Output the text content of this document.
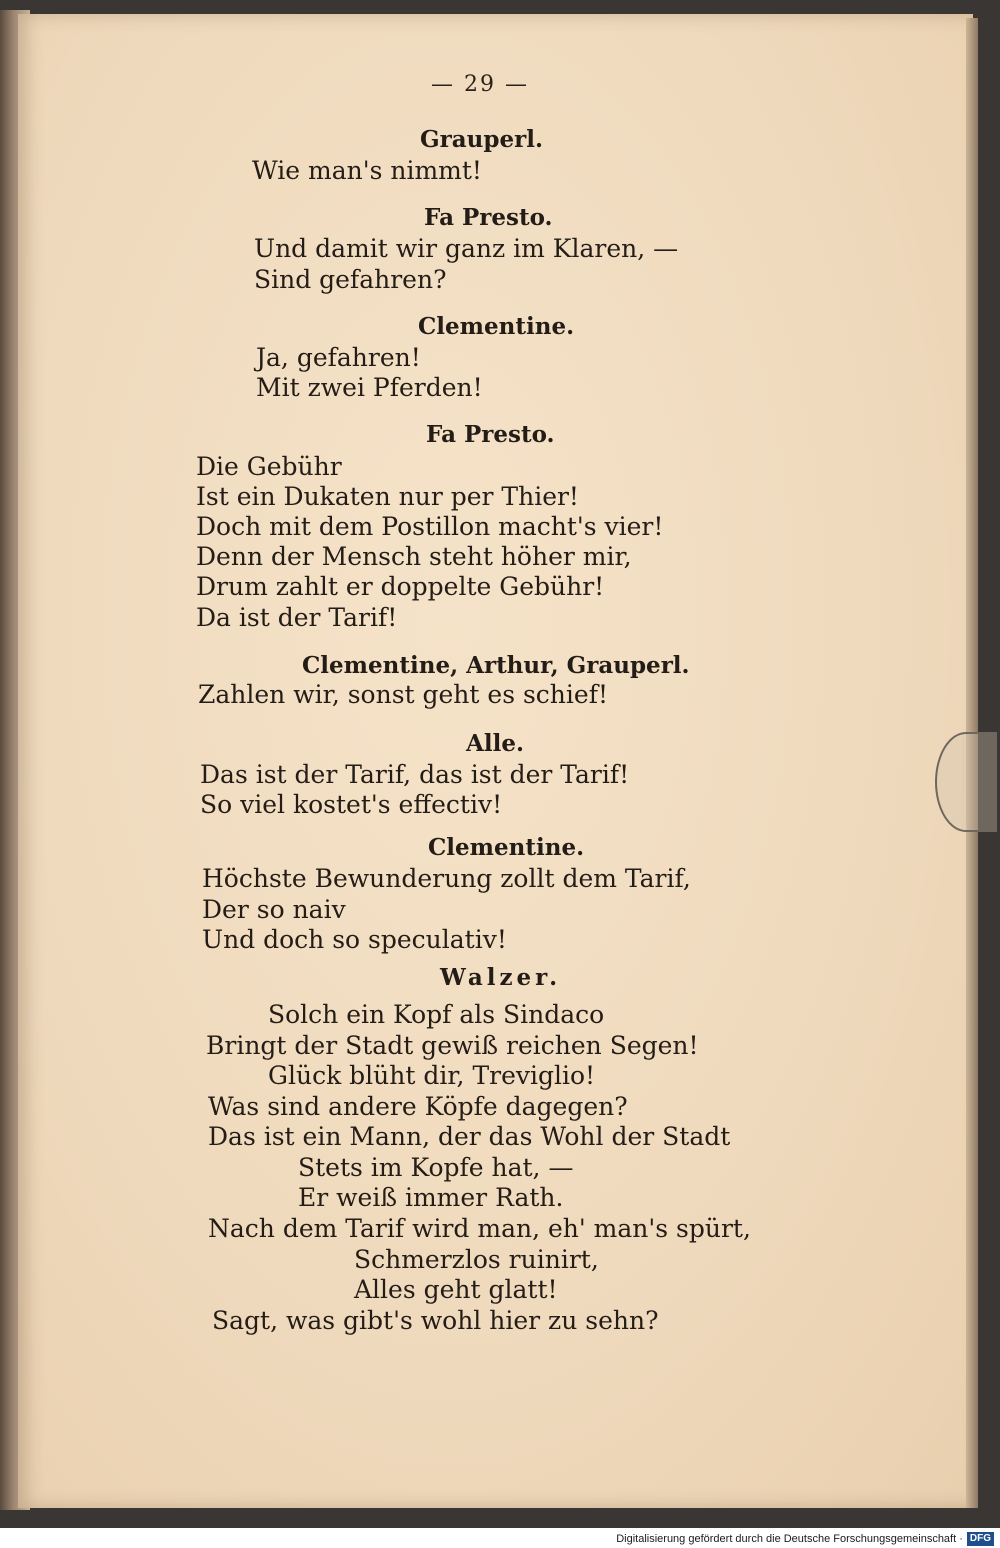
— 29 —
Grauperl.
Wie man's nimmt!
Fa Presto.
Und damit wir ganz im Klaren, —
Sind gefahren?
Clementine.
Ja, gefahren!
Mit zwei Pferden!
Fa Presto.
Die Gebühr
Ist ein Dukaten nur per Thier!
Doch mit dem Postillon macht's vier!
Denn der Mensch steht höher mir,
Drum zahlt er doppelte Gebühr!
Da ist der Tarif!
Clementine, Arthur, Grauperl.
Zahlen wir, sonst geht es schief!
Alle.
Das ist der Tarif, das ist der Tarif!
So viel kostet's effectiv!
Clementine.
Höchste Bewunderung zollt dem Tarif,
Der so naiv
Und doch so speculativ!
Walzer.
Solch ein Kopf als Sindaco
Bringt der Stadt gewiß reichen Segen!
Glück blüht dir, Treviglio!
Was sind andere Köpfe dagegen?
Das ist ein Mann, der das Wohl der Stadt
Stets im Kopfe hat, —
Er weiß immer Rath.
Nach dem Tarif wird man, eh' man's spürt,
Schmerzlos ruinirt,
Alles geht glatt!
Sagt, was gibt's wohl hier zu sehn?
Digitalisierung gefördert durch die Deutsche Forschungsgemeinschaft · DFG
